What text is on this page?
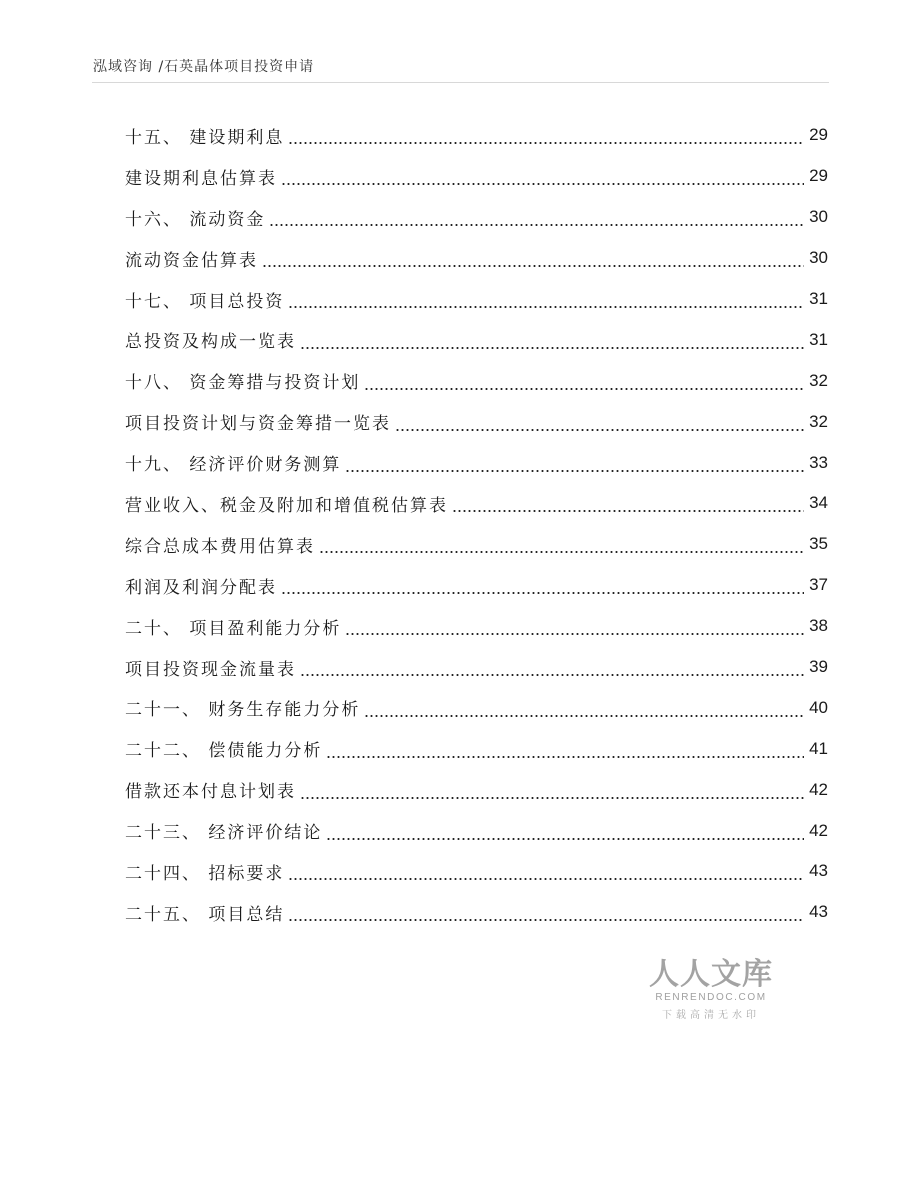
泓域咨询 /石英晶体项目投资申请
十五、 建设期利息	29
建设期利息估算表	29
十六、 流动资金	30
流动资金估算表	30
十七、 项目总投资	31
总投资及构成一览表	31
十八、 资金筹措与投资计划	32
项目投资计划与资金筹措一览表	32
十九、 经济评价财务测算	33
营业收入、税金及附加和增值税估算表	34
综合总成本费用估算表	35
利润及利润分配表	37
二十、 项目盈利能力分析	38
项目投资现金流量表	39
二十一、 财务生存能力分析	40
二十二、 偿债能力分析	41
借款还本付息计划表	42
二十三、 经济评价结论	42
二十四、 招标要求	43
二十五、 项目总结	43
人人文库
RENRENDOC.COM
下载高清无水印
